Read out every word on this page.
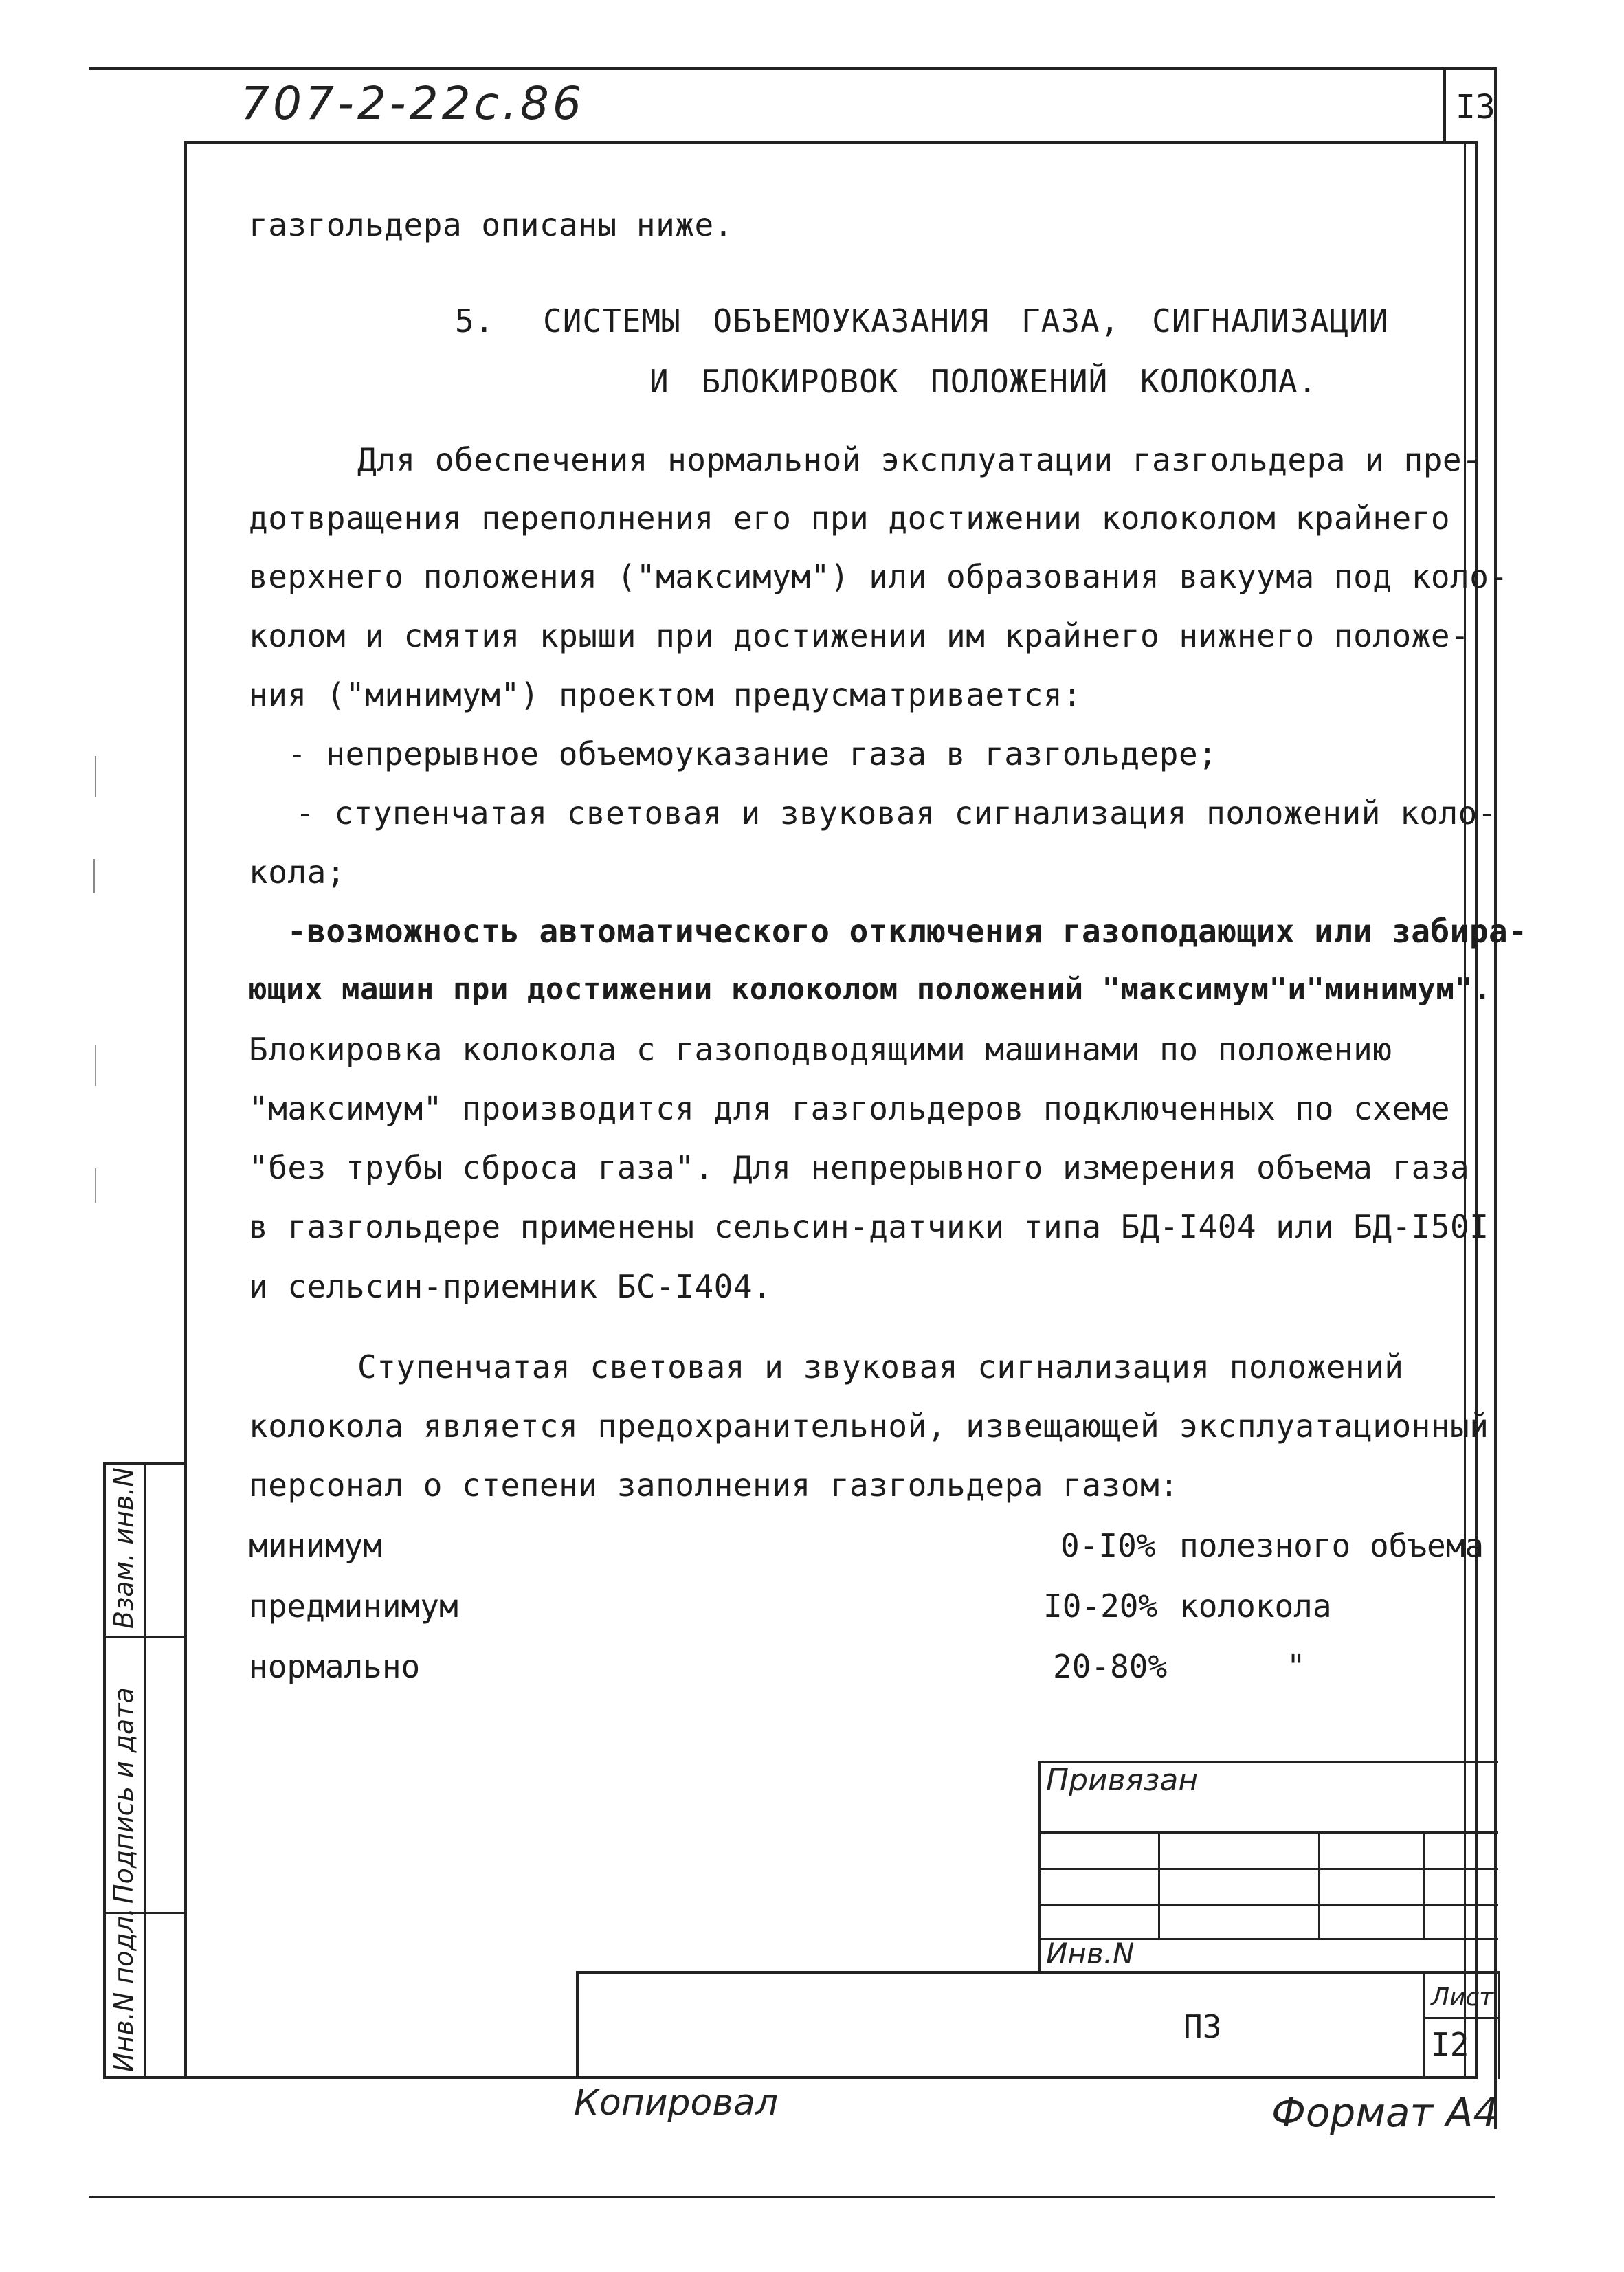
707-2-22с.86	I3
газгольдера описаны ниже.
5. СИСТЕМЫ ОБЪЕМОУКАЗАНИЯ ГАЗА, СИГНАЛИЗАЦИИ
И БЛОКИРОВОК ПОЛОЖЕНИЙ КОЛОКОЛА.
Для обеспечения нормальной эксплуатации газгольдера и пре-
дотвращения переполнения его при достижении колоколом крайнего
верхнего положения ("максимум") или образования вакуума под коло-
колом и смятия крыши при достижении им крайнего нижнего положе-
ния ("минимум") проектом предусматривается:
- непрерывное объемоуказание газа в газгольдере;
- ступенчатая световая и звуковая сигнализация положений коло-
кола;
-возможность автоматического отключения газоподающих или забира-
ющих машин при достижении колоколом положений "максимум"и"минимум".
Блокировка колокола с газоподводящими машинами по положению
"максимум" производится для газгольдеров подключенных по схеме
"без трубы сброса газа". Для непрерывного измерения объема газа
в газгольдере применены сельсин-датчики типа БД-I404 или БД-I50I
и сельсин-приемник БС-I404.
Ступенчатая световая и звуковая сигнализация положений
колокола является предохранительной, извещающей эксплуатационный
персонал о степени заполнения газгольдера газом:
минимум	0-I0% полезного объема
предминимум	I0-20% колокола
нормально	20-80%	"
Привязан
Инв.N
ПЗ
Лист
I2
Инв.N подл.
Подпись и дата
Взам. инв.N
Копировал	Формат А4
